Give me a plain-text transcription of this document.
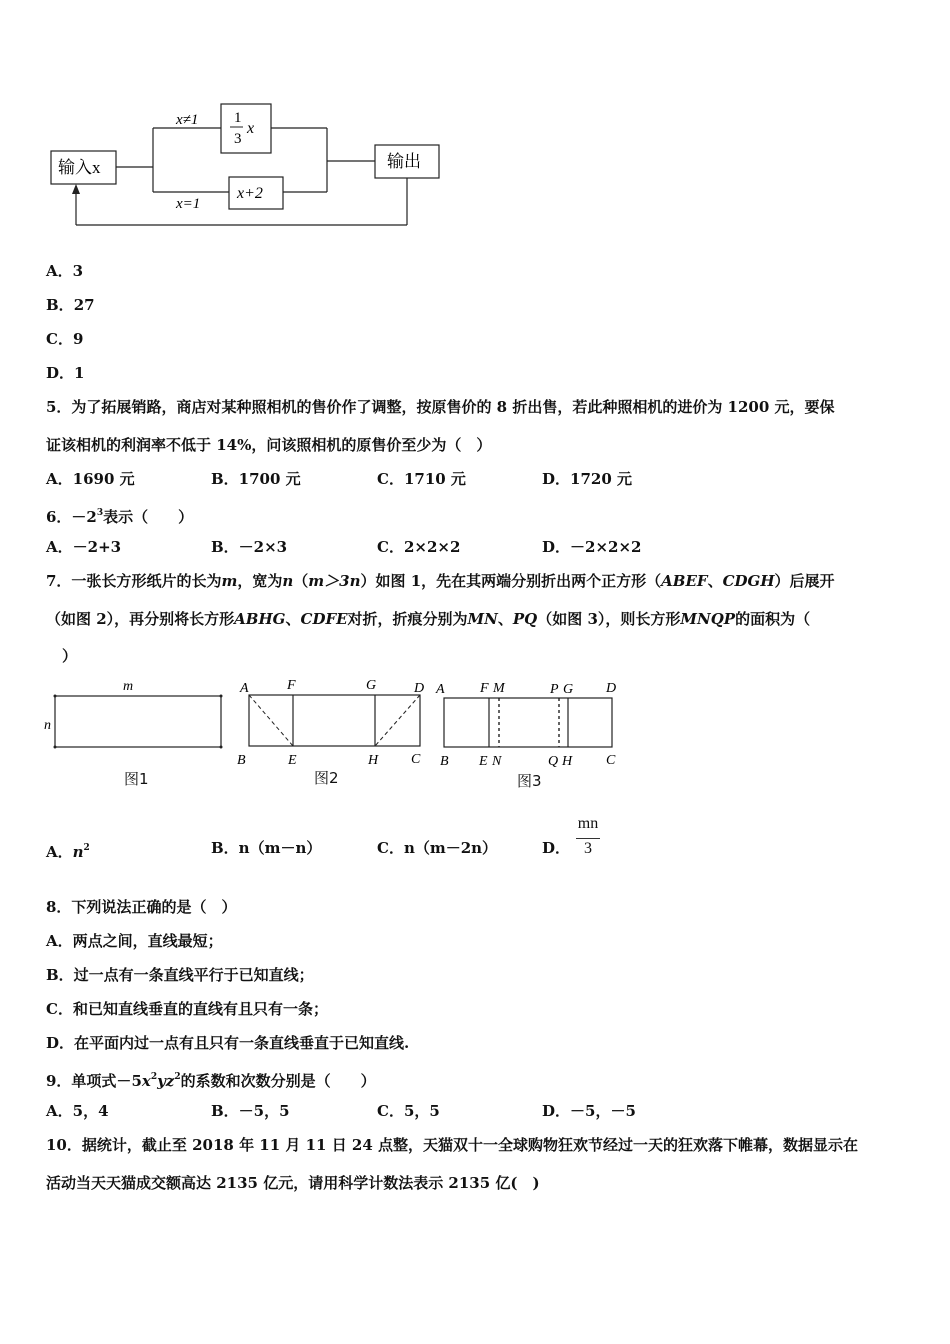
输入x
1
3
x
x≠1
x+2
x=1
输出
A．3
B．27
C．9
D．1
5．为了拓展销路，商店对某种照相机的售价作了调整，按原售价的 8 折出售，若此种照相机的进价为 1200 元，要保
证该相机的利润率不低于 14%，问该照相机的原售价至少为（　）
A．1690 元	B．1700 元	C．1710 元	D．1720 元
6．$-2^3$表示（　　）
A．－2+3	B．－2×3	C．2×2×2	D．－2×2×2
7．一张长方形纸片的长为m，宽为n（m＞3n）如图 1，先在其两端分别折出两个正方形（ABEF、CDGH）后展开
（如图 2），再分别将长方形ABHG、CDFE对折，折痕分别为MN、PQ（如图 3），则长方形MNQP的面积为（
）
m
n
图1
A	F	G	D
B	E	H C
图2
A	F M	P G D
B E N	Q H C
图3
A．$n^2$	B．n（m－n）	C．n（m－2n）	D．
mn
3
8．下列说法正确的是（　）
A．两点之间，直线最短；
B．过一点有一条直线平行于已知直线；
C．和已知直线垂直的直线有且只有一条；
D．在平面内过一点有且只有一条直线垂直于已知直线.
9．单项式$-5x^2yz^2$的系数和次数分别是（　　）
A．5，4	B．－5，5	C．5，5	D．－5，－5
10．据统计，截止至 2018 年 11 月 11 日 24 点整，天猫双十一全球购物狂欢节经过一天的狂欢落下帷幕，数据显示在
活动当天天猫成交额高达 2135 亿元，请用科学计数法表示 2135 亿(　)
